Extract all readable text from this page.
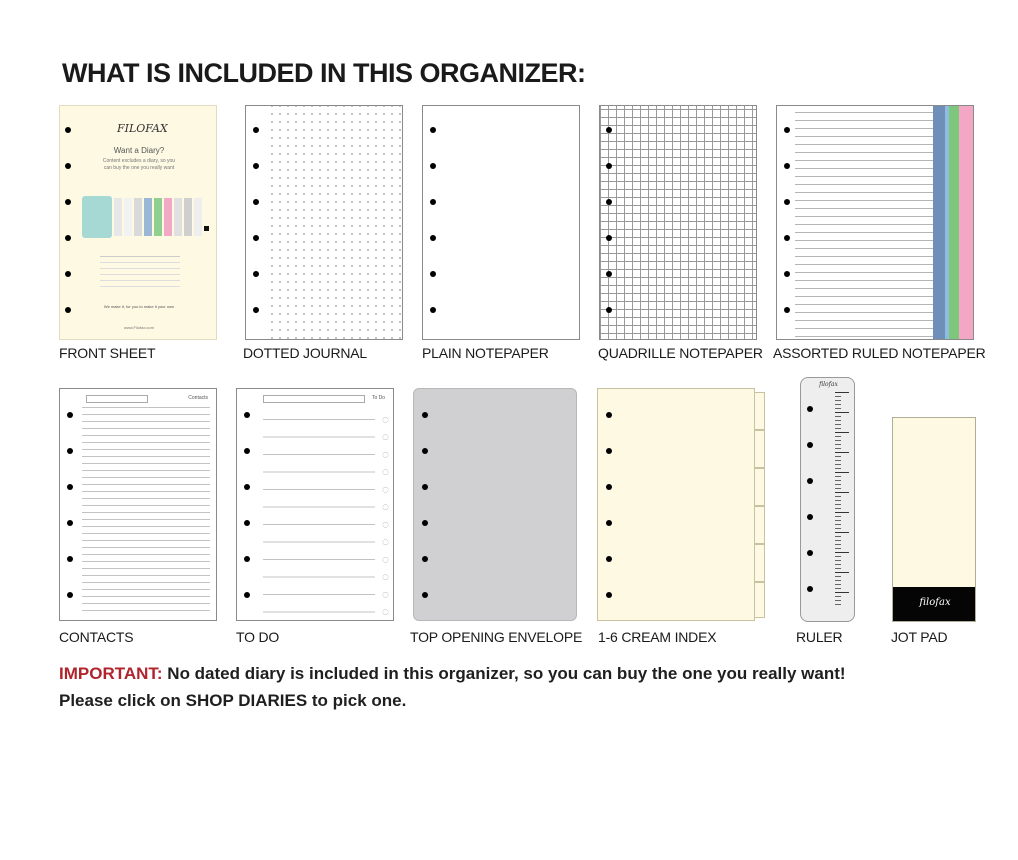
WHAT IS INCLUDED IN THIS ORGANIZER:
FILOFAX
Want a Diary?
Content excludes a diary, so you
can buy the one you really want
We make it, for you to make it your own
www.Filofax.com
FRONT SHEET	DOTTED JOURNAL	PLAIN NOTEPAPER	QUADRILLE NOTEPAPER ASSORTED RULED NOTEPAPER
Contacts
CONTACTS
To Do
TO DO	TOP OPENING ENVELOPE 1-6 CREAM INDEX
filofax
RULER
filofax
JOT PAD
IMPORTANT: No dated diary is included in this organizer, so you can buy the one you really want!
Please click on SHOP DIARIES to pick one.
